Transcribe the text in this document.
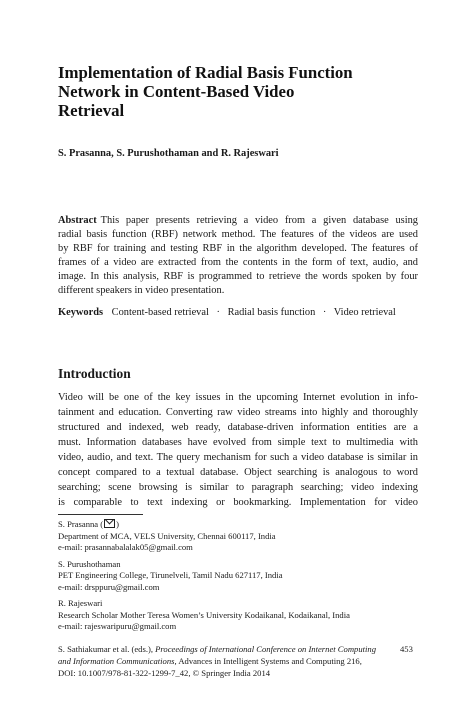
Implementation of Radial Basis Function
Network in Content-Based Video
Retrieval
S. Prasanna, S. Purushothaman and R. Rajeswari
Abstract This paper presents retrieving a video from a given database using
radial basis function (RBF) network method. The features of the videos are used
by RBF for training and testing RBF in the algorithm developed. The features of
frames of a video are extracted from the contents in the form of text, audio, and
image. In this analysis, RBF is programmed to retrieve the words spoken by four
different speakers in video presentation.
Keywords Content-based retrieval · Radial basis function · Video retrieval
Introduction
Video will be one of the key issues in the upcoming Internet evolution in info-
tainment and education. Converting raw video streams into highly and thoroughly
structured and indexed, web ready, database-driven information entities are a
must. Information databases have evolved from simple text to multimedia with
video, audio, and text. The query mechanism for such a video database is similar in
concept compared to a textual database. Object searching is analogous to word
searching; scene browsing is similar to paragraph searching; video indexing
is comparable to text indexing or bookmarking. Implementation for video
S. Prasanna ( )
Department of MCA, VELS University, Chennai 600117, India
e-mail: prasannabalalak05@gmail.com
S. Purushothaman
PET Engineering College, Tirunelveli, Tamil Nadu 627117, India
e-mail: drsppuru@gmail.com
R. Rajeswari
Research Scholar Mother Teresa Women’s University Kodaikanal, Kodaikanal, India
e-mail: rajeswaripuru@gmail.com
S. Sathiakumar et al. (eds.), Proceedings of International Conference on Internet Computing
and Information Communications, Advances in Intelligent Systems and Computing 216,
DOI: 10.1007/978-81-322-1299-7_42, © Springer India 2014
453
